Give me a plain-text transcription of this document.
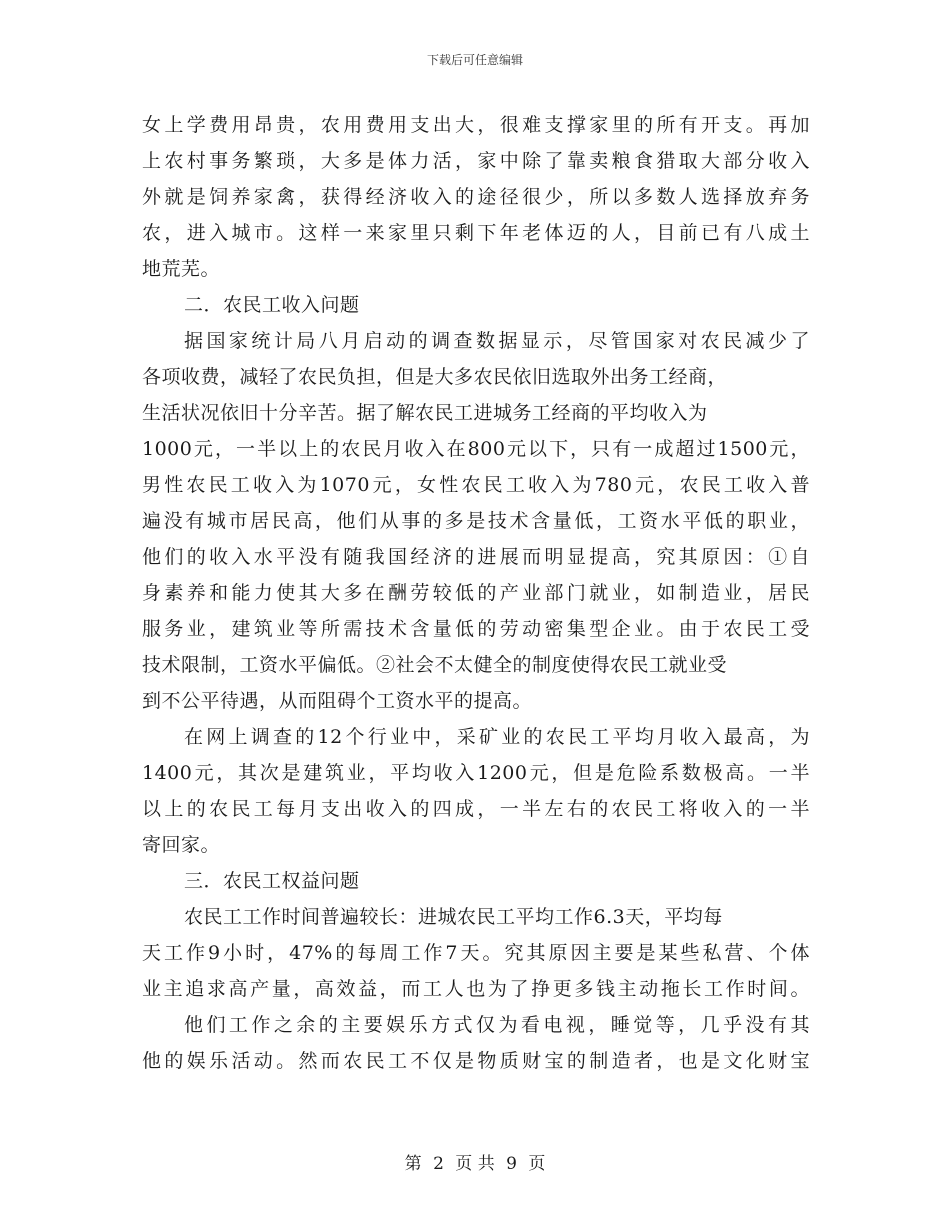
下载后可任意编辑
女上学费用昂贵，农用费用支出大，很难支撑家里的所有开支。再加
上农村事务繁琐，大多是体力活，家中除了靠卖粮食猎取大部分收入
外就是饲养家禽，获得经济收入的途径很少，所以多数人选择放弃务
农，进入城市。这样一来家里只剩下年老体迈的人，目前已有八成土
地荒芜。
二．农民工收入问题
据国家统计局八月启动的调查数据显示，尽管国家对农民减少了
各项收费，减轻了农民负担，但是大多农民依旧选取外出务工经商，
生活状况依旧十分辛苦。据了解农民工进城务工经商的平均收入为
1000元，一半以上的农民月收入在800元以下，只有一成超过1500元，
男性农民工收入为1070元，女性农民工收入为780元，农民工收入普
遍没有城市居民高，他们从事的多是技术含量低，工资水平低的职业，
他们的收入水平没有随我国经济的进展而明显提高，究其原因：①自
身素养和能力使其大多在酬劳较低的产业部门就业，如制造业，居民
服务业，建筑业等所需技术含量低的劳动密集型企业。由于农民工受
技术限制，工资水平偏低。②社会不太健全的制度使得农民工就业受
到不公平待遇，从而阻碍个工资水平的提高。
在网上调查的12个行业中，采矿业的农民工平均月收入最高，为
1400元，其次是建筑业，平均收入1200元，但是危险系数极高。一半
以上的农民工每月支出收入的四成，一半左右的农民工将收入的一半
寄回家。
三．农民工权益问题
农民工工作时间普遍较长：进城农民工平均工作6.3天，平均每
天工作9小时，47%的每周工作7天。究其原因主要是某些私营、个体
业主追求高产量，高效益，而工人也为了挣更多钱主动拖长工作时间。
他们工作之余的主要娱乐方式仅为看电视，睡觉等，几乎没有其
他的娱乐活动。然而农民工不仅是物质财宝的制造者，也是文化财宝
第 2 页 共 9 页
